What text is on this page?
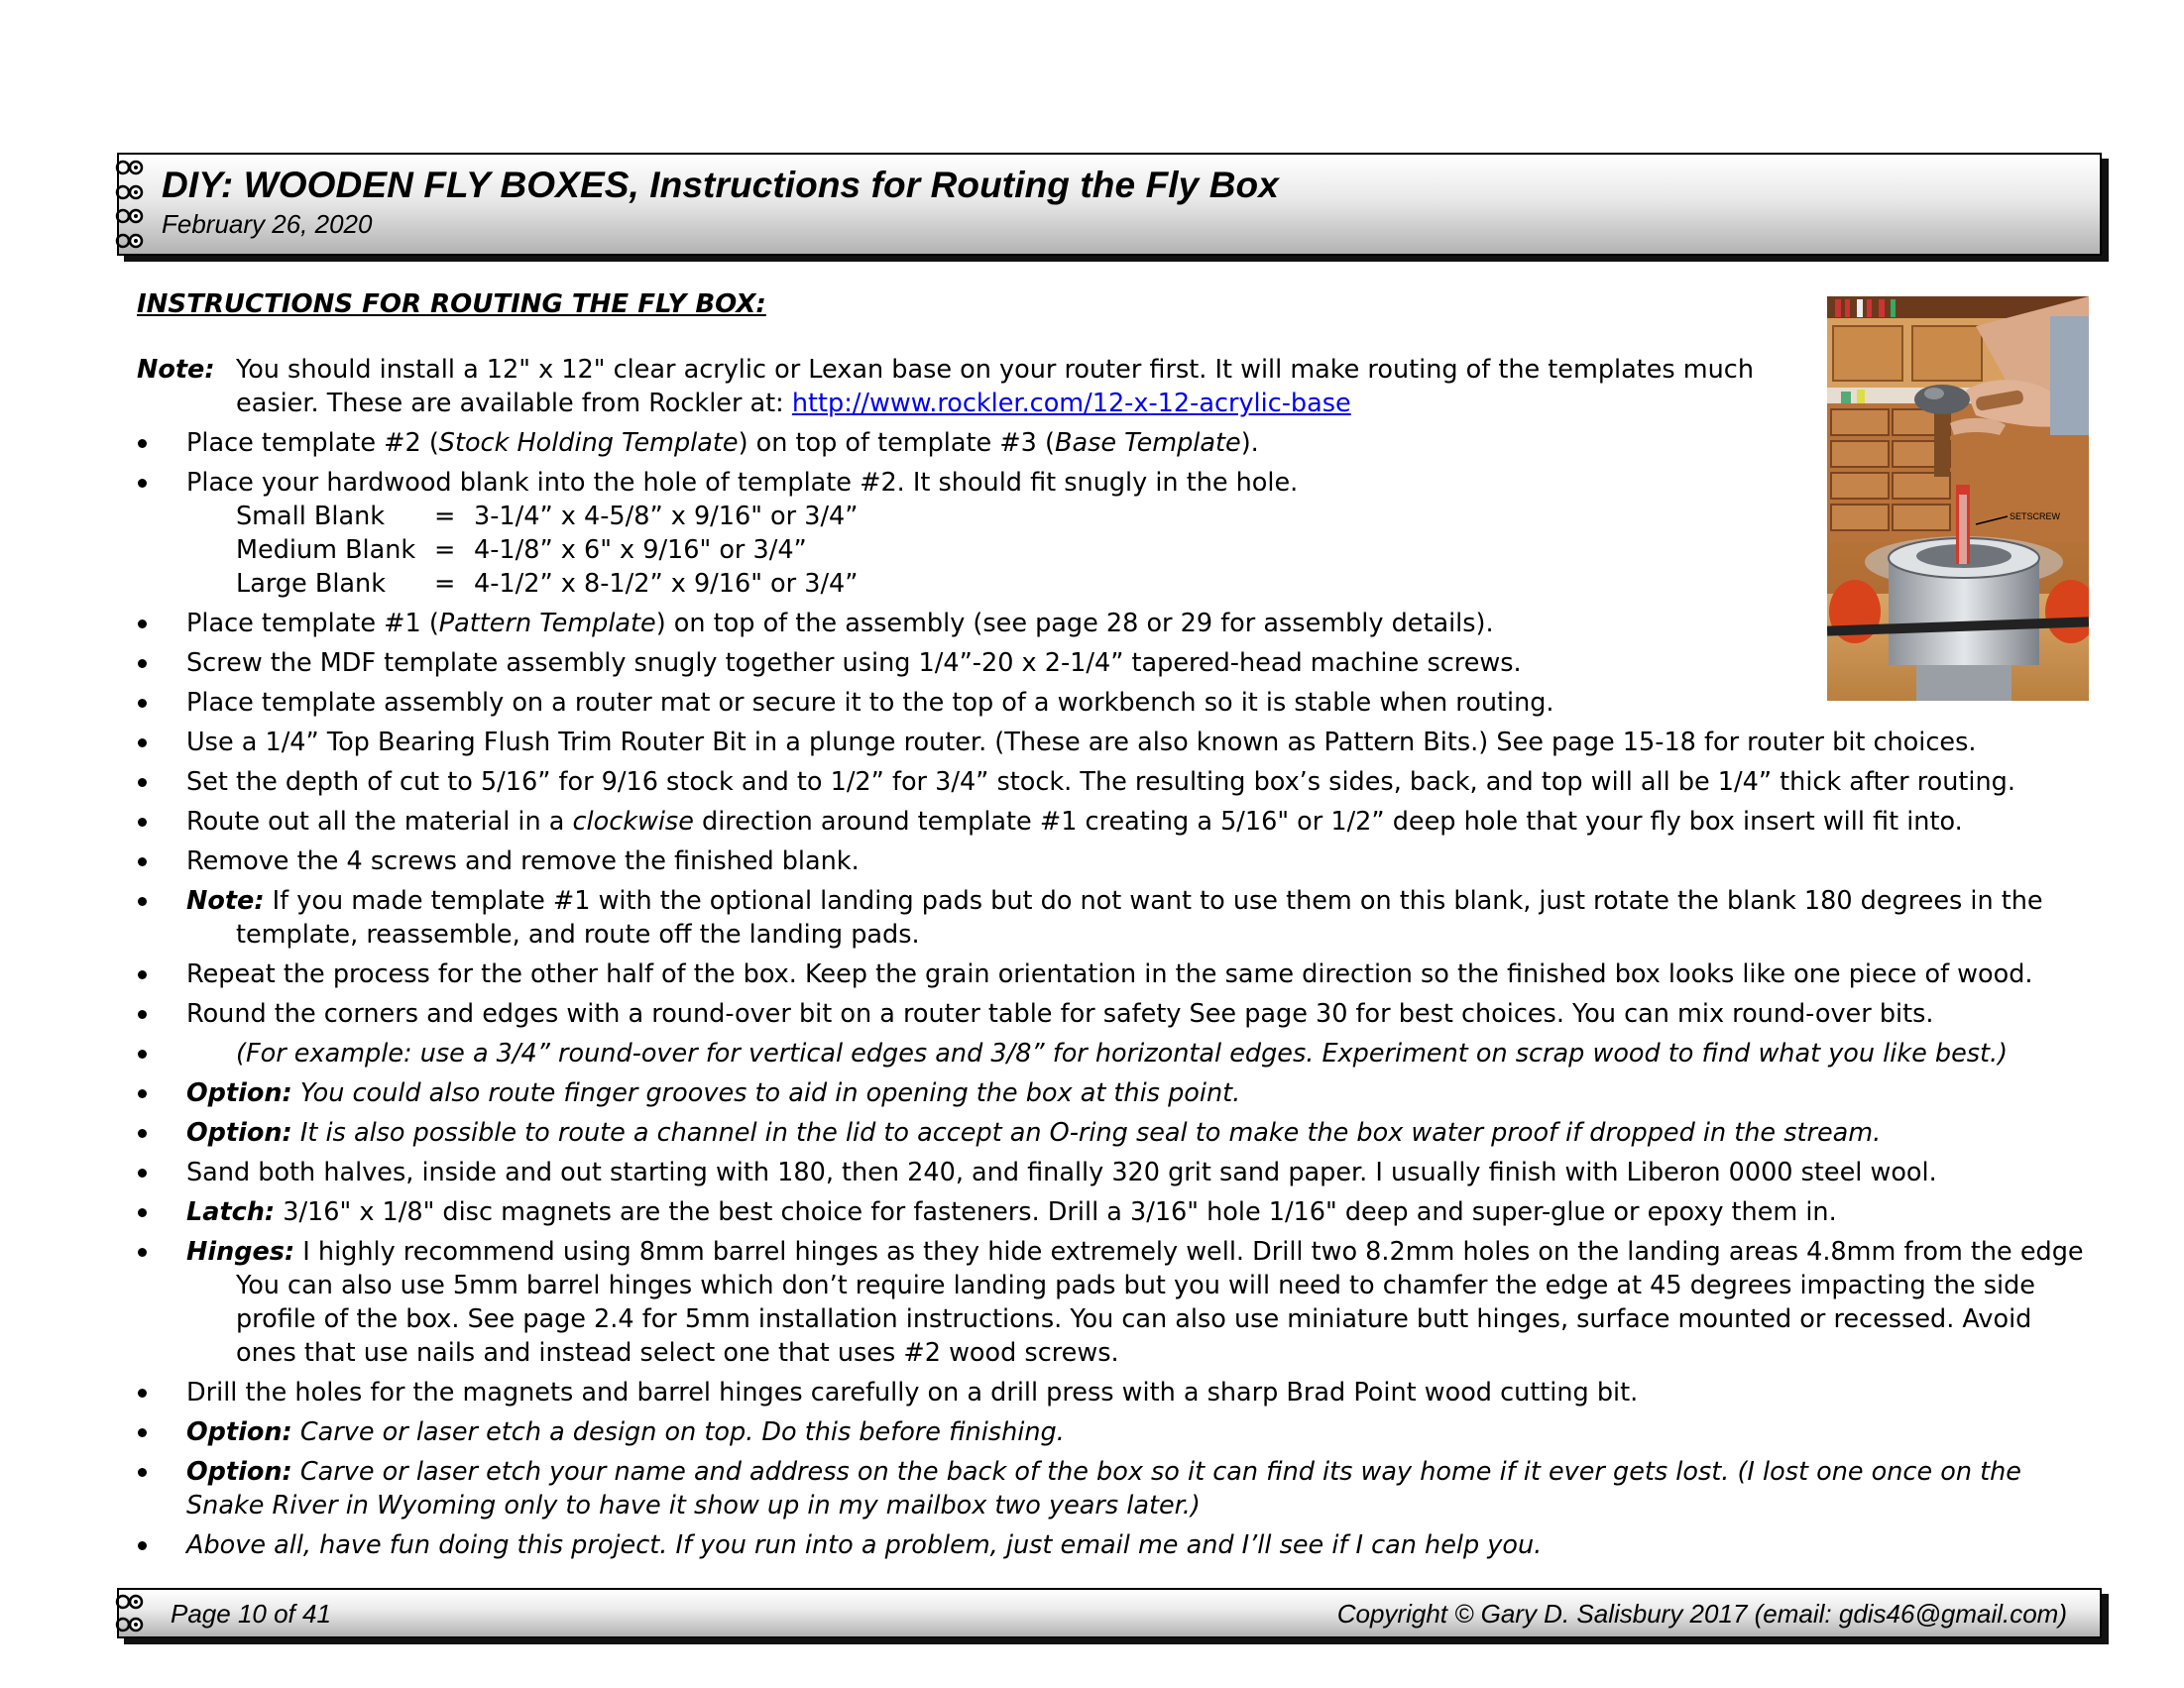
DIY: WOODEN FLY BOXES, Instructions for Routing the Fly Box
February 26, 2020
INSTRUCTIONS FOR ROUTING THE FLY BOX:
SETSCREW
Note: You should install a 12" x 12" clear acrylic or Lexan base on your router first. It will make routing of the templates much
easier. These are available from Rockler at: http://www.rockler.com/12-x-12-acrylic-base
Place template #2 (Stock Holding Template) on top of template #3 (Base Template).
Place your hardwood blank into the hole of template #2. It should fit snugly in the hole.
Small Blank	=	3-1/4” x 4-5/8” x 9/16" or 3/4”
Medium Blank	=	4-1/8” x 6" x 9/16" or 3/4”
Large Blank	=	4-1/2” x 8-1/2” x 9/16" or 3/4”
Place template #1 (Pattern Template) on top of the assembly (see page 28 or 29 for assembly details).
Screw the MDF template assembly snugly together using 1/4”-20 x 2-1/4” tapered-head machine screws.
Place template assembly on a router mat or secure it to the top of a workbench so it is stable when routing.
Use a 1/4” Top Bearing Flush Trim Router Bit in a plunge router. (These are also known as Pattern Bits.) See page 15-18 for router bit choices.
Set the depth of cut to 5/16” for 9/16 stock and to 1/2” for 3/4” stock. The resulting box’s sides, back, and top will all be 1/4” thick after routing.
Route out all the material in a clockwise direction around template #1 creating a 5/16" or 1/2” deep hole that your fly box insert will fit into.
Remove the 4 screws and remove the finished blank.
Note: If you made template #1 with the optional landing pads but do not want to use them on this blank, just rotate the blank 180 degrees in the
template, reassemble, and route off the landing pads.
Repeat the process for the other half of the box. Keep the grain orientation in the same direction so the finished box looks like one piece of wood.
Round the corners and edges with a round-over bit on a router table for safety See page 30 for best choices. You can mix round-over bits.
(For example: use a 3/4” round-over for vertical edges and 3/8” for horizontal edges. Experiment on scrap wood to find what you like best.)
Option: You could also route finger grooves to aid in opening the box at this point.
Option: It is also possible to route a channel in the lid to accept an O-ring seal to make the box water proof if dropped in the stream.
Sand both halves, inside and out starting with 180, then 240, and finally 320 grit sand paper. I usually finish with Liberon 0000 steel wool.
Latch: 3/16" x 1/8" disc magnets are the best choice for fasteners. Drill a 3/16" hole 1/16" deep and super-glue or epoxy them in.
Hinges: I highly recommend using 8mm barrel hinges as they hide extremely well. Drill two 8.2mm holes on the landing areas 4.8mm from the edge
You can also use 5mm barrel hinges which don’t require landing pads but you will need to chamfer the edge at 45 degrees impacting the side
profile of the box. See page 2.4 for 5mm installation instructions. You can also use miniature butt hinges, surface mounted or recessed. Avoid
ones that use nails and instead select one that uses #2 wood screws.
Drill the holes for the magnets and barrel hinges carefully on a drill press with a sharp Brad Point wood cutting bit.
Option: Carve or laser etch a design on top. Do this before finishing.
Option: Carve or laser etch your name and address on the back of the box so it can find its way home if it ever gets lost. (I lost one once on the
Snake River in Wyoming only to have it show up in my mailbox two years later.)
Above all, have fun doing this project. If you run into a problem, just email me and I’ll see if I can help you.
Page 10 of 41	Copyright © Gary D. Salisbury 2017 (email: gdis46@gmail.com)
